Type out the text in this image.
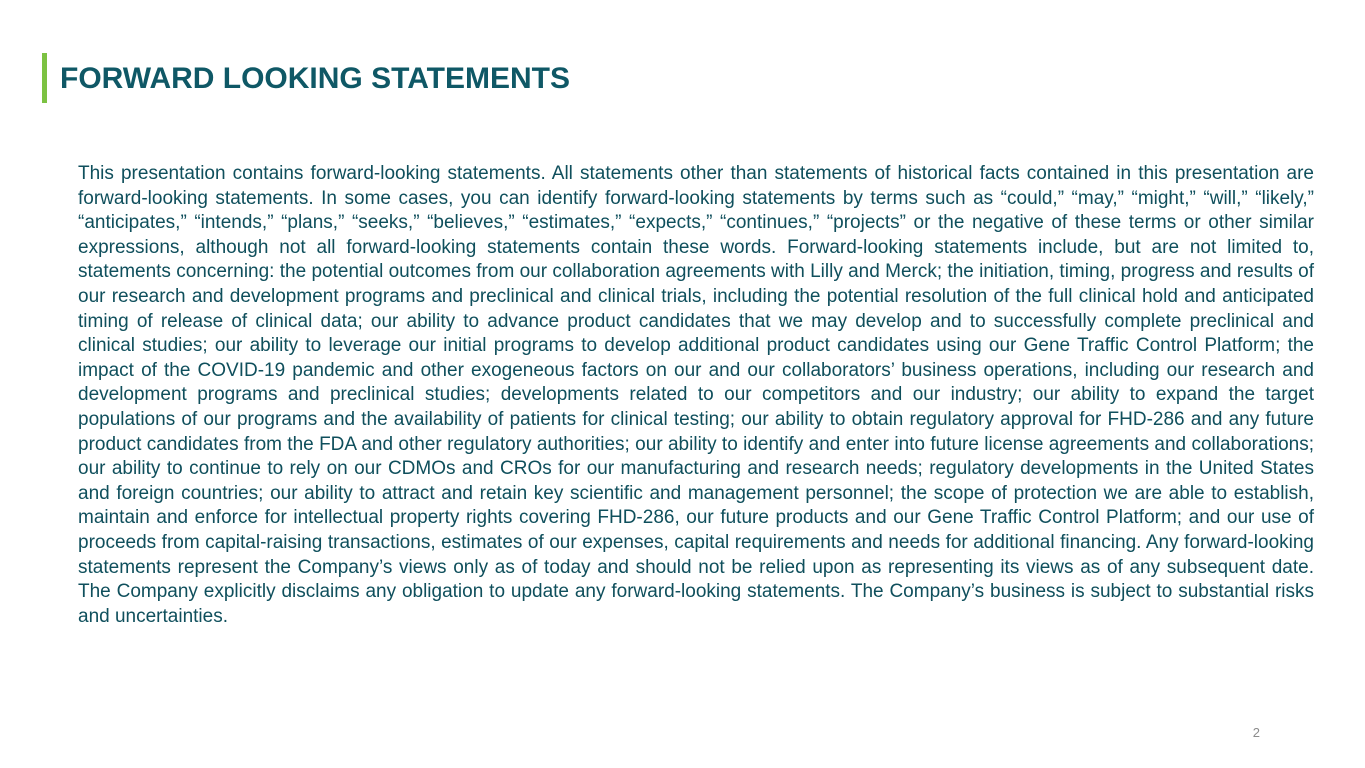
FORWARD LOOKING STATEMENTS

This presentation contains forward-looking statements. All statements other than statements of historical facts contained in this presentation are forward-looking statements. In some cases, you can identify forward-looking statements by terms such as “could,” “may,” “might,” “will,” “likely,” “anticipates,” “intends,” “plans,” “seeks,” “believes,” “estimates,” “expects,” “continues,” “projects” or the negative of these terms or other similar expressions, although not all forward-looking statements contain these words. Forward-looking statements include, but are not limited to, statements concerning: the potential outcomes from our collaboration agreements with Lilly and Merck; the initiation, timing, progress and results of our research and development programs and preclinical and clinical trials, including the potential resolution of the full clinical hold and anticipated timing of release of clinical data; our ability to advance product candidates that we may develop and to successfully complete preclinical and clinical studies; our ability to leverage our initial programs to develop additional product candidates using our Gene Traffic Control Platform; the impact of the COVID-19 pandemic and other exogeneous factors on our and our collaborators’ business operations, including our research and development programs and preclinical studies; developments related to our competitors and our industry; our ability to expand the target populations of our programs and the availability of patients for clinical testing; our ability to obtain regulatory approval for FHD-286 and any future product candidates from the FDA and other regulatory authorities; our ability to identify and enter into future license agreements and collaborations; our ability to continue to rely on our CDMOs and CROs for our manufacturing and research needs; regulatory developments in the United States and foreign countries; our ability to attract and retain key scientific and management personnel; the scope of protection we are able to establish, maintain and enforce for intellectual property rights covering FHD-286, our future products and our Gene Traffic Control Platform; and our use of proceeds from capital-raising transactions, estimates of our expenses, capital requirements and needs for additional financing. Any forward-looking statements represent the Company’s views only as of today and should not be relied upon as representing its views as of any subsequent date. The Company explicitly disclaims any obligation to update any forward-looking statements. The Company’s business is subject to substantial risks and uncertainties.

2
